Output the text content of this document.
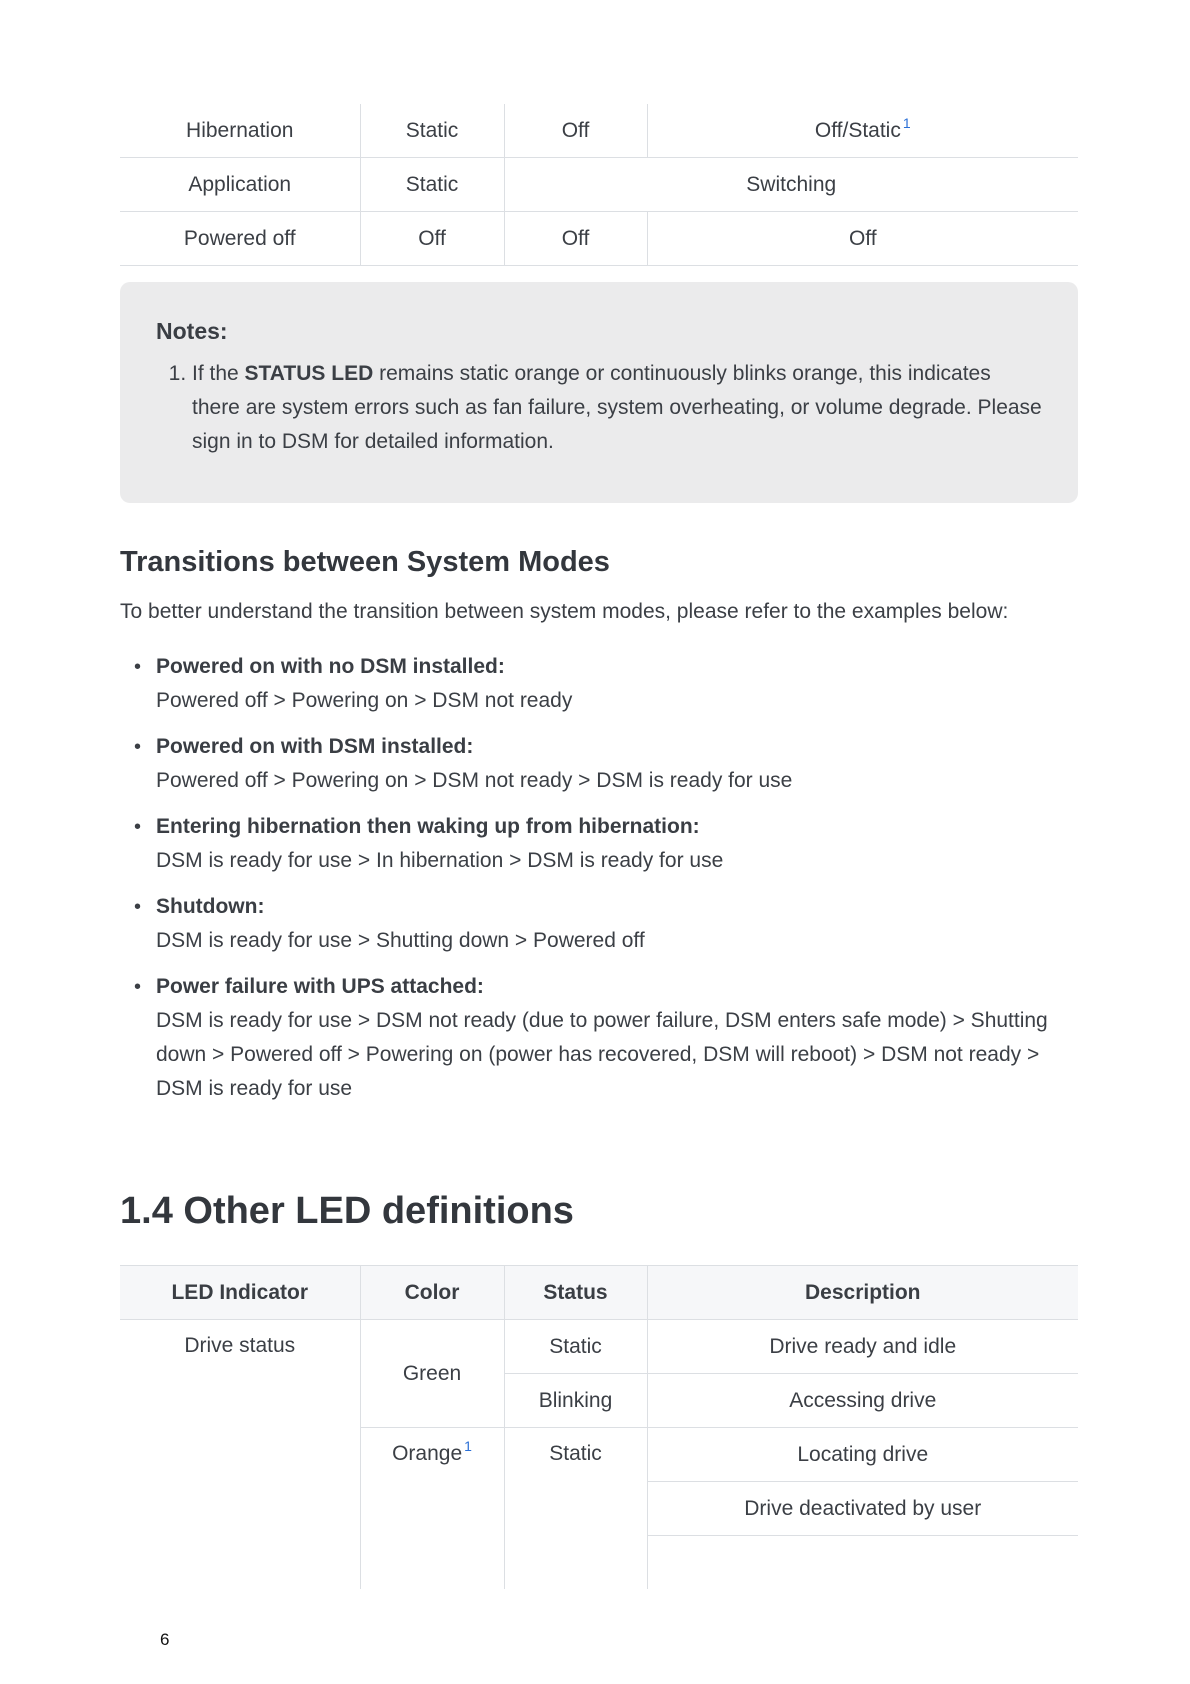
Hibernation	Static	Off	Off/Static $^1$
Application	Static	Switching	
Powered off	Off	Off	Off
Notes:
1. If the STATUS LED remains static orange or continuously blinks orange, this indicates there are system errors such as fan failure, system overheating, or volume degrade. Please sign in to DSM for detailed information.
Transitions between System Modes

To better understand the transition between system modes, please refer to the examples below:

• Powered on with no DSM installed:
Powered off > Powering on > DSM not ready
• Powered on with DSM installed:
Powered off > Powering on > DSM not ready > DSM is ready for use
• Entering hibernation then waking up from hibernation:
DSM is ready for use > In hibernation > DSM is ready for use
• Shutdown:
DSM is ready for use > Shutting down > Powered off
• Power failure with UPS attached:
DSM is ready for use > DSM not ready (due to power failure, DSM enters safe mode) > Shutting down > Powered off > Powering on (power has recovered, DSM will reboot) > DSM not ready > DSM is ready for use
1.4 Other LED definitions
LED Indicator	Color	Status	Description
Drive status	Green	Static	Drive ready and idle
		Blinking	Accessing drive
	Orange $^1$	Static	Locating drive
			Drive deactivated by user

6
